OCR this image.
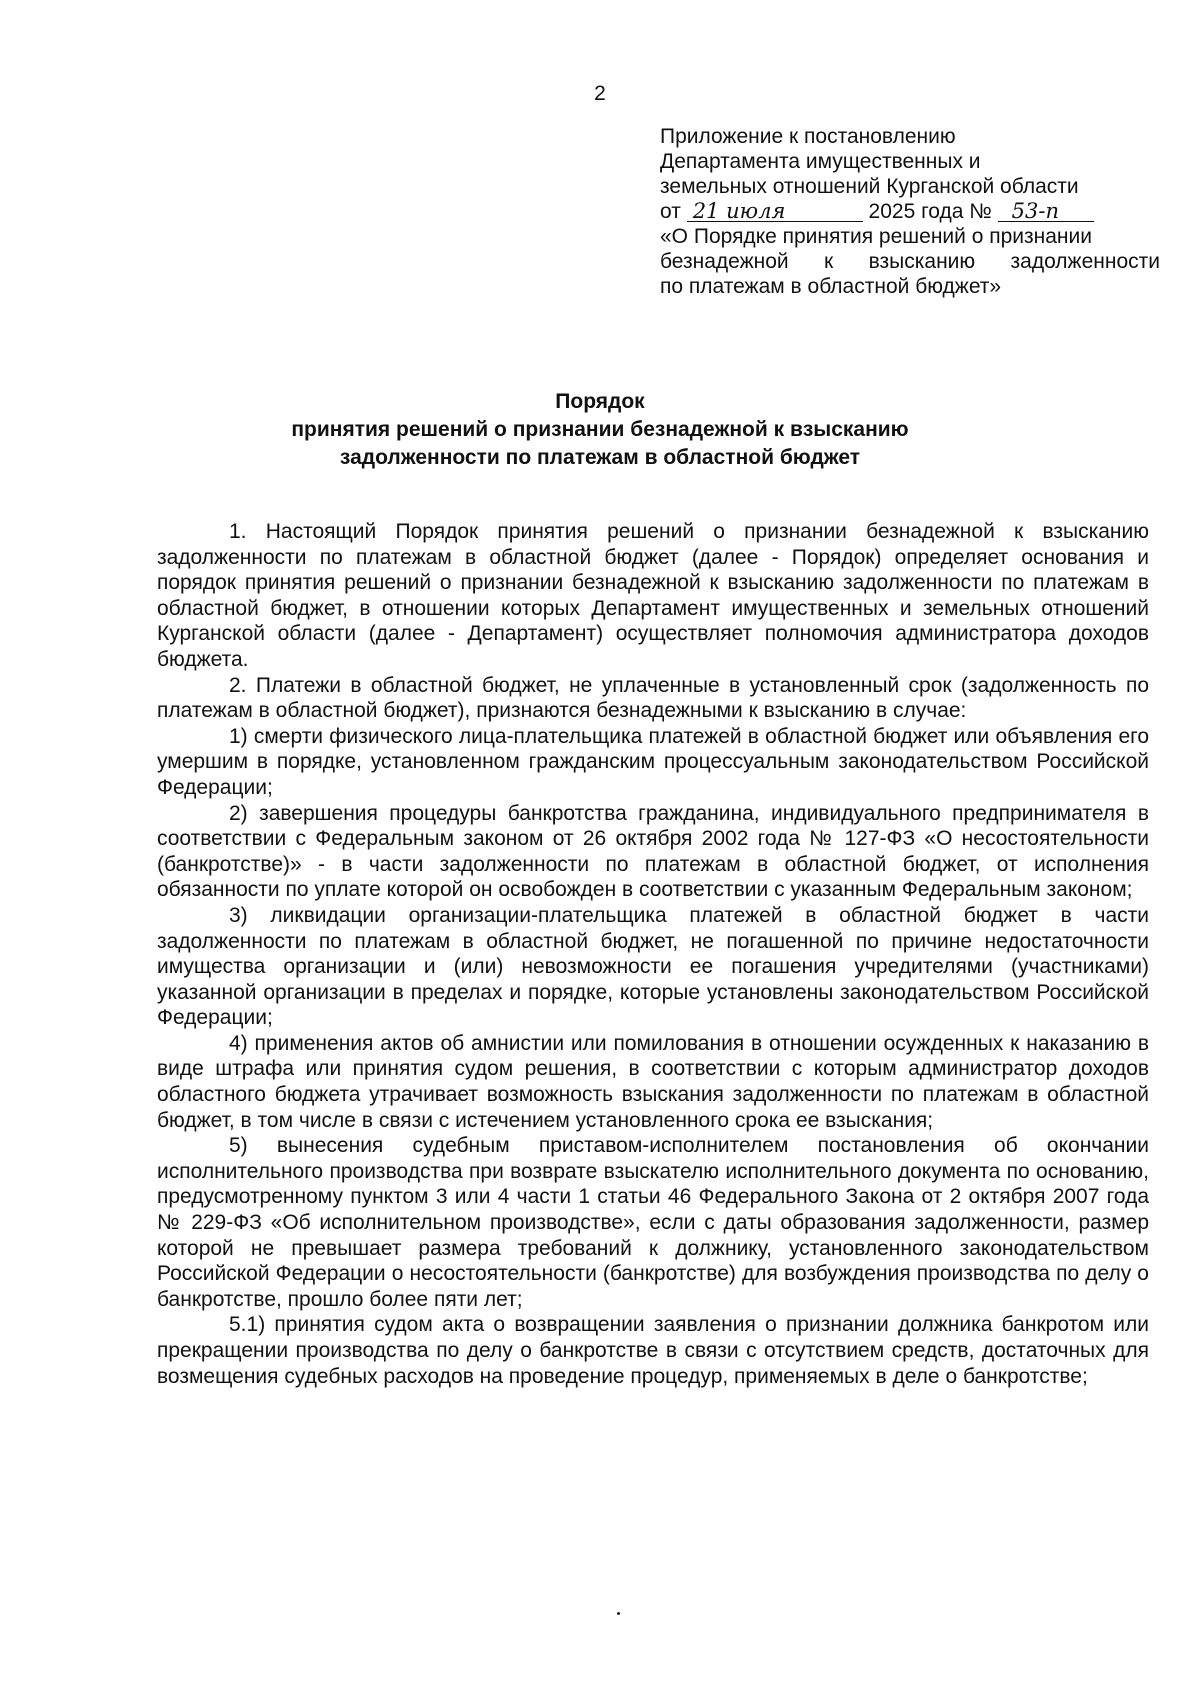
2
Приложение к постановлению
Департамента имущественных и
земельных отношений Курганской области
от 21 июля	2025 года № 53-п
«О Порядке принятия решений о признании
безнадежной к взысканию задолженности
по платежам в областной бюджет»
Порядок
принятия решений о признании безнадежной к взысканию
задолженности по платежам в областной бюджет

1. Настоящий Порядок принятия решений о признании безнадежной к взысканию задолженности по платежам в областной бюджет (далее - Порядок) определяет основания и порядок принятия решений о признании безнадежной к взысканию задолженности по платежам в областной бюджет, в отношении которых Департамент имущественных и земельных отношений Курганской области (далее - Департамент) осуществляет полномочия администратора доходов бюджета.

2. Платежи в областной бюджет, не уплаченные в установленный срок (задолженность по платежам в областной бюджет), признаются безнадежными к взысканию в случае:

1) смерти физического лица-плательщика платежей в областной бюджет или объявления его умершим в порядке, установленном гражданским процессуальным законодательством Российской Федерации;

2) завершения процедуры банкротства гражданина, индивидуального предпринимателя в соответствии с Федеральным законом от 26 октября 2002 года № 127-ФЗ «О несостоятельности (банкротстве)» - в части задолженности по платежам в областной бюджет, от исполнения обязанности по уплате которой он освобожден в соответствии с указанным Федеральным законом;

3) ликвидации организации-плательщика платежей в областной бюджет в части задолженности по платежам в областной бюджет, не погашенной по причине недостаточности имущества организации и (или) невозможности ее погашения учредителями (участниками) указанной организации в пределах и порядке, которые установлены законодательством Российской Федерации;

4) применения актов об амнистии или помилования в отношении осужденных к наказанию в виде штрафа или принятия судом решения, в соответствии с которым администратор доходов областного бюджета утрачивает возможность взыскания задолженности по платежам в областной бюджет, в том числе в связи с истечением установленного срока ее взыскания;

5) вынесения судебным приставом-исполнителем постановления об окончании исполнительного производства при возврате взыскателю исполнительного документа по основанию, предусмотренному пунктом 3 или 4 части 1 статьи 46 Федерального Закона от 2 октября 2007 года № 229-ФЗ «Об исполнительном производстве», если с даты образования задолженности, размер которой не превышает размера требований к должнику, установленного законодательством Российской Федерации о несостоятельности (банкротстве) для возбуждения производства по делу о банкротстве, прошло более пяти лет;

5.1) принятия судом акта о возвращении заявления о признании должника банкротом или прекращении производства по делу о банкротстве в связи с отсутствием средств, достаточных для возмещения судебных расходов на проведение процедур, применяемых в деле о банкротстве;
